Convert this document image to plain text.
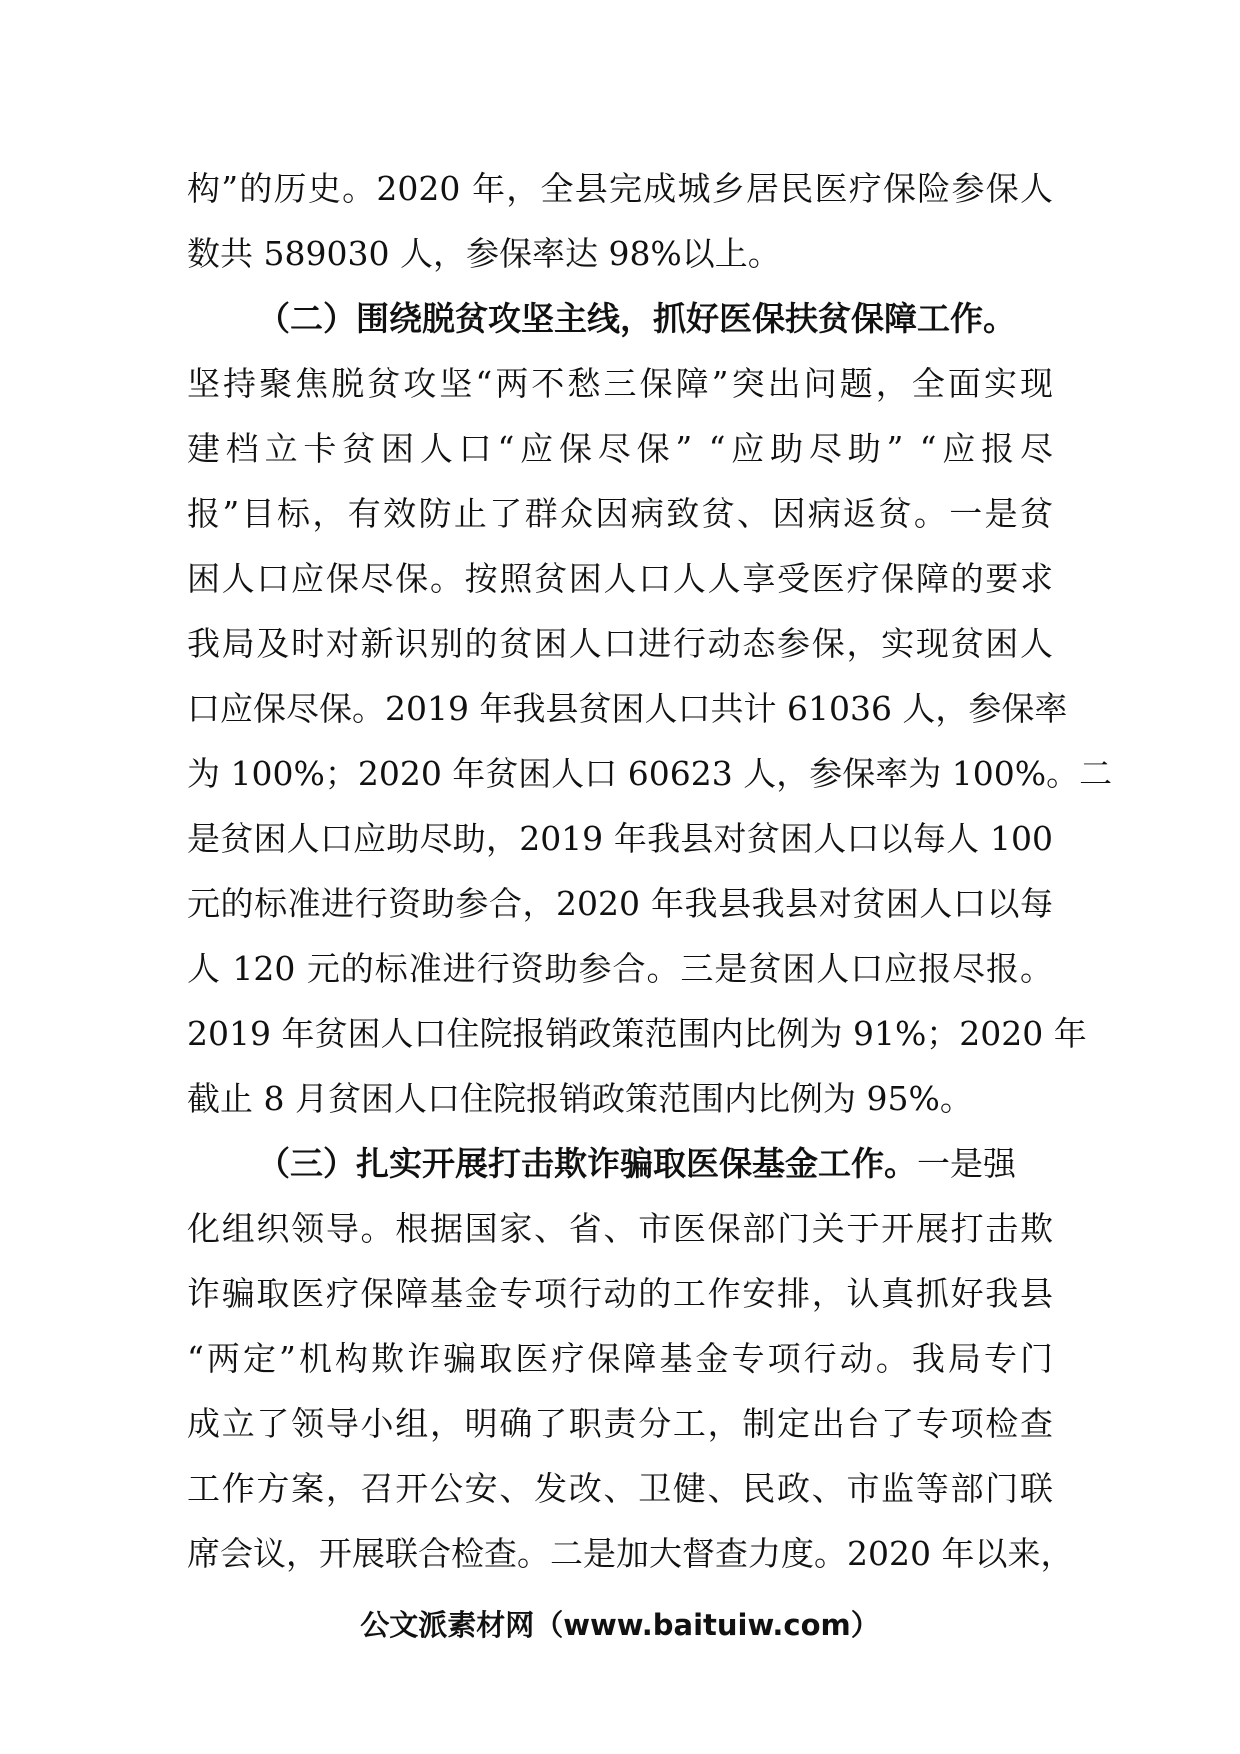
构”的历史。2020 年，全县完成城乡居民医疗保险参保人
数共 589030 人，参保率达 98%以上。
（二）围绕脱贫攻坚主线，抓好医保扶贫保障工作。
坚持聚焦脱贫攻坚“两不愁三保障”突出问题，全面实现
建档立卡贫困人口“应保尽保” “应助尽助” “应报尽
报”目标，有效防止了群众因病致贫、因病返贫。一是贫
困人口应保尽保。按照贫困人口人人享受医疗保障的要求
我局及时对新识别的贫困人口进行动态参保，实现贫困人
口应保尽保。2019 年我县贫困人口共计 61036 人，参保率
为 100%；2020 年贫困人口 60623 人，参保率为 100%。二
是贫困人口应助尽助，2019 年我县对贫困人口以每人 100
元的标准进行资助参合，2020 年我县我县对贫困人口以每
人 120 元的标准进行资助参合。三是贫困人口应报尽报。
2019 年贫困人口住院报销政策范围内比例为 91%；2020 年
截止 8 月贫困人口住院报销政策范围内比例为 95%。
（三）扎实开展打击欺诈骗取医保基金工作。一是强
化组织领导。根据国家、省、市医保部门关于开展打击欺
诈骗取医疗保障基金专项行动的工作安排，认真抓好我县
“两定”机构欺诈骗取医疗保障基金专项行动。我局专门
成立了领导小组，明确了职责分工，制定出台了专项检查
工作方案，召开公安、发改、卫健、民政、市监等部门联
席会议，开展联合检查。二是加大督查力度。2020 年以来，
公文派素材网（www.baituiw.com）
